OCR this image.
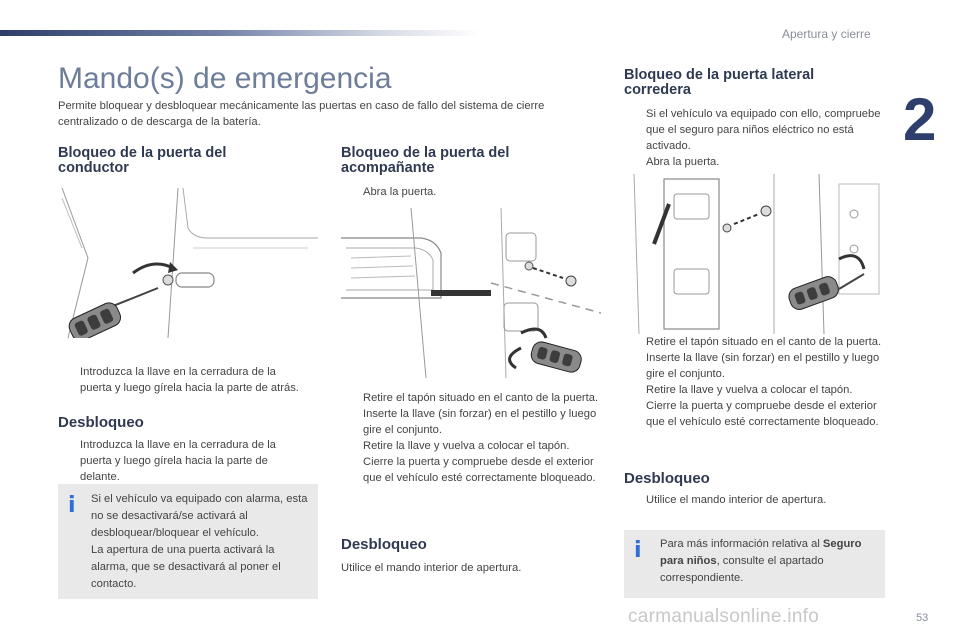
Apertura y cierre
2
Mando(s) de emergencia

Permite bloquear y desbloquear mecánicamente las puertas en caso de fallo del sistema de cierre centralizado o de descarga de la batería.

Bloqueo de la puerta del conductor
Introduzca la llave en la cerradura de la puerta y luego gírela hacia la parte de atrás.
Desbloqueo
Introduzca la llave en la cerradura de la puerta y luego gírela hacia la parte de delante.
i Si el vehículo va equipado con alarma, esta no se desactivará/se activará al desbloquear/bloquear el vehículo.
La apertura de una puerta activará la alarma, que se desactivará al poner el contacto.
Bloqueo de la puerta del acompañante
Abra la puerta.
Retire el tapón situado en el canto de la puerta.
Inserte la llave (sin forzar) en el pestillo y luego gire el conjunto.
Retire la llave y vuelva a colocar el tapón.
Cierre la puerta y compruebe desde el exterior que el vehículo esté correctamente bloqueado.
Desbloqueo

Utilice el mando interior de apertura.

Bloqueo de la puerta lateral corredera
Si el vehículo va equipado con ello, compruebe que el seguro para niños eléctrico no está activado.
Abra la puerta.
Retire el tapón situado en el canto de la puerta.
Inserte la llave (sin forzar) en el pestillo y luego gire el conjunto.
Retire la llave y vuelva a colocar el tapón.
Cierre la puerta y compruebe desde el exterior que el vehículo esté correctamente bloqueado.
Desbloqueo
Utilice el mando interior de apertura.
i Para más información relativa al Seguro para niños, consulte el apartado correspondiente.
carmanualsonline.info	53
